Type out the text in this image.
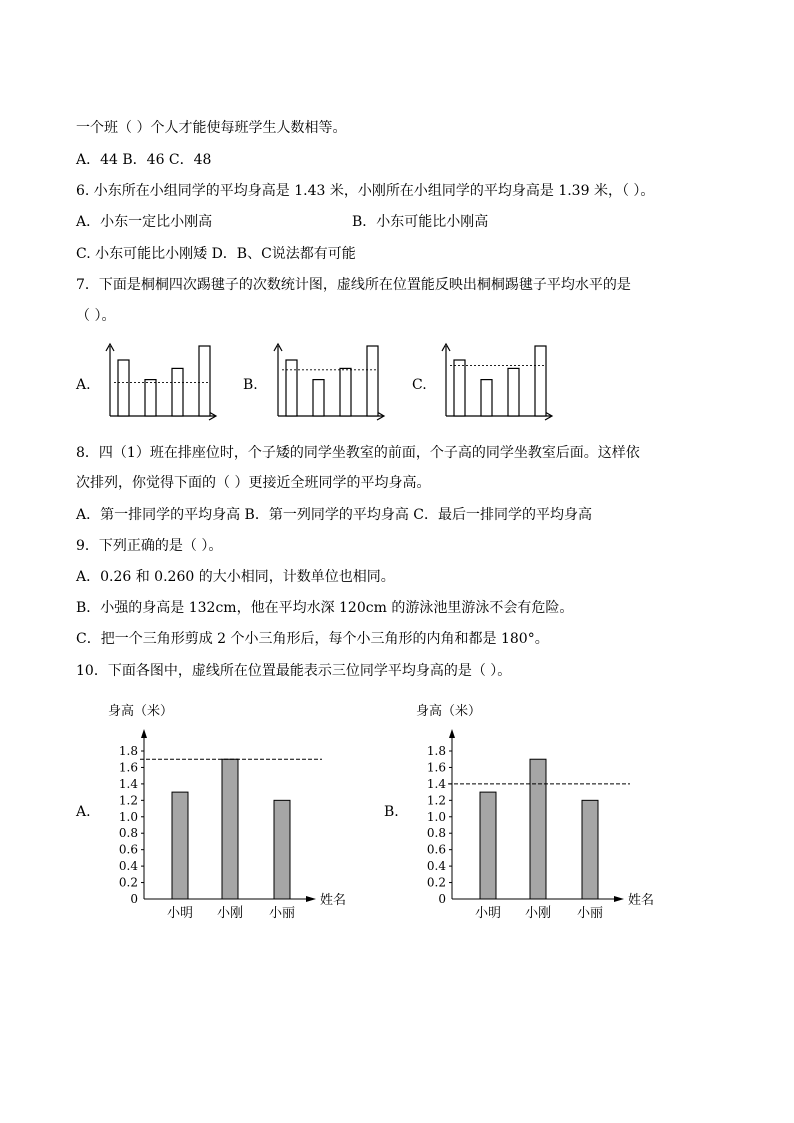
一个班（ ）个人才能使每班学生人数相等。
A．44 B．46 C．48
6. 小东所在小组同学的平均身高是 1.43 米，小刚所在小组同学的平均身高是 1.39 米，（ ）。
A．小东一定比小刚高	B．小东可能比小刚高
C. 小东可能比小刚矮 D．B、C说法都有可能
7．下面是桐桐四次踢毽子的次数统计图，虚线所在位置能反映出桐桐踢毽子平均水平的是
（ ）。
A.	B.	C.
8．四（1）班在排座位时，个子矮的同学坐教室的前面，个子高的同学坐教室后面。这样依
次排列，你觉得下面的（ ）更接近全班同学的平均身高。
A．第一排同学的平均身高 B．第一列同学的平均身高 C．最后一排同学的平均身高
9．下列正确的是（ ）。
A．0.26 和 0.260 的大小相同，计数单位也相同。
B．小强的身高是 132cm，他在平均水深 120cm 的游泳池里游泳不会有危险。
C．把一个三角形剪成 2 个小三角形后，每个小三角形的内角和都是 180°。
10．下面各图中，虚线所在位置最能表示三位同学平均身高的是（ ）。
A.	B.
身高（米）
姓名
0
0.2
0.4
0.6
0.8
1.0
1.2
1.4
1.6
1.8
小明 小刚 小丽
身高（米）
姓名
0
0.2
0.4
0.6
0.8
1.0
1.2
1.4
1.6
1.8
小明 小刚 小丽
